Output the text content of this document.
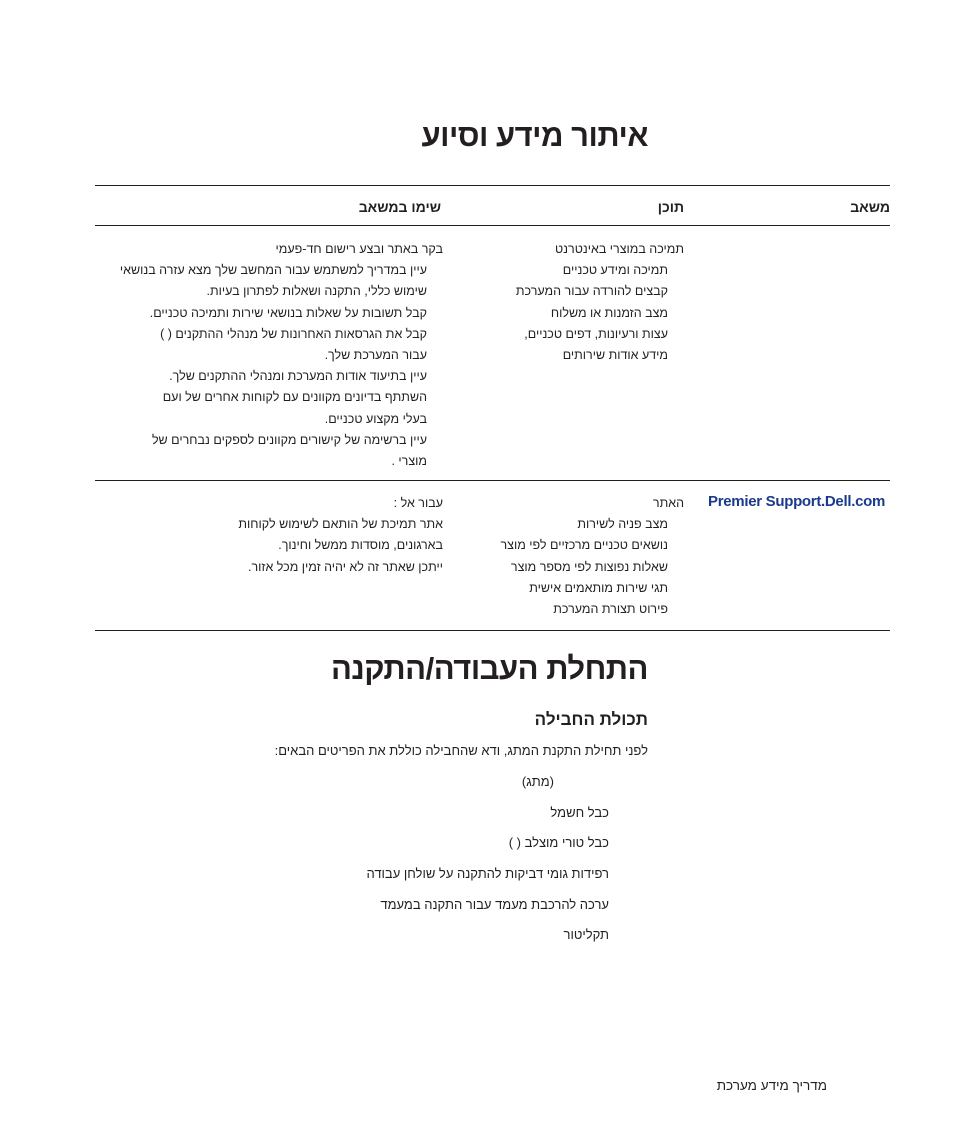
איתור מידע וסיוע
משאב
תוכן
שימו במשאב
תמיכה במוצרי באינטרנט
תמיכה ומידע טכניים
קבצים להורדה עבור המערכת
מצב הזמנות או משלוח
עצות ורעיונות, דפים טכניים,
מידע אודות שירותים
בקר באתר ובצע רישום חד-פעמי
עיין במדריך למשתמש עבור המחשב שלך מצא עזרה בנושאי
שימוש כללי, התקנה ושאלות לפתרון בעיות.
קבל תשובות על שאלות בנושאי שירות ותמיכה טכניים.
קבל את הגרסאות האחרונות של מנהלי ההתקנים ( )
עבור המערכת שלך.
עיין בתיעוד אודות המערכת ומנהלי ההתקנים שלך.
השתתף בדיונים מקוונים עם לקוחות אחרים של ועם
בעלי מקצוע טכניים.
עיין ברשימה של קישורים מקוונים לספקים נבחרים של
מוצרי .
Premier Support.Dell.com
האתר
מצב פניה לשירות
נושאים טכניים מרכזיים לפי מוצר
שאלות נפוצות לפי מספר מוצר
תגי שירות מותאמים אישית
פירוט תצורת המערכת
עבור אל :
אתר תמיכת של הותאם לשימוש לקוחות
בארגונים, מוסדות ממשל וחינוך.
ייתכן שאתר זה לא יהיה זמין מכל אזור.
התחלת העבודה/התקנה
תכולת החבילה
לפני תחילת התקנת המתג, ודא שהחבילה כוללת את הפריטים הבאים:
(מתג)
כבל חשמל
כבל טורי מוצלב ( )
רפידות גומי דביקות להתקנה על שולחן עבודה
ערכה להרכבת מעמד עבור התקנה במעמד
תקליטור
מדריך מידע מערכת
